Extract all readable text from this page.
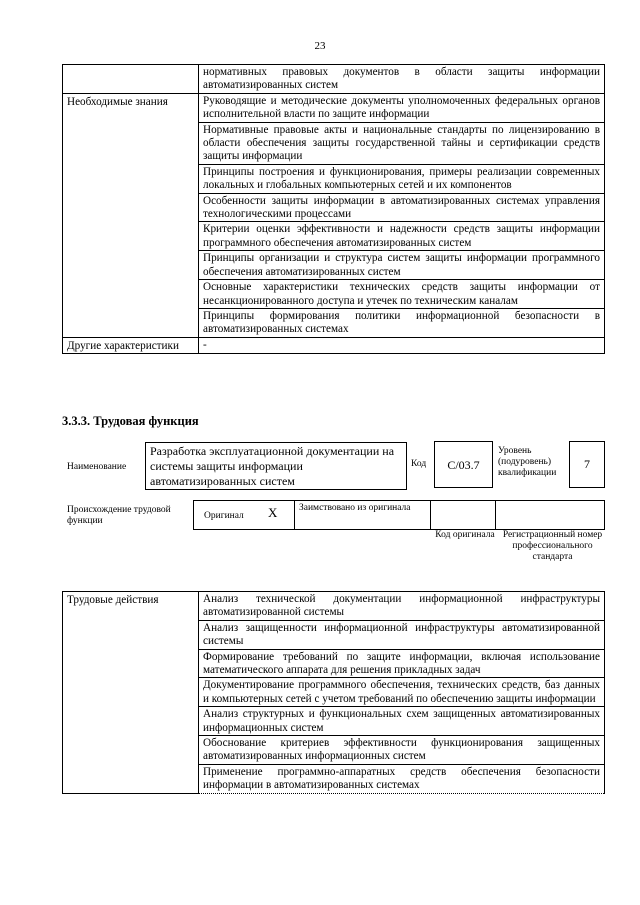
23
	нормативных правовых документов в области защиты информации автоматизированных систем
Необходимые знания	Руководящие и методические документы уполномоченных федеральных органов исполнительной власти по защите информации
	Нормативные правовые акты и национальные стандарты по лицензированию в области обеспечения защиты государственной тайны и сертификации средств защиты информации
	Принципы построения и функционирования, примеры реализации современных локальных и глобальных компьютерных сетей и их компонентов
	Особенности защиты информации в автоматизированных системах управления технологическими процессами
	Критерии оценки эффективности и надежности средств защиты информации программного обеспечения автоматизированных систем
	Принципы организации и структура систем защиты информации программного обеспечения автоматизированных систем
	Основные характеристики технических средств защиты информации от несанкционированного доступа и утечек по техническим каналам
	Принципы формирования политики информационной безопасности в автоматизированных системах
Другие характеристики	-
3.3.3. Трудовая функция
Наименование
Разработка эксплуатационной документации на системы защиты информации автоматизированных систем
Код	C/03.7
Уровень (подуровень) квалификации
7
Происхождение трудовой функции	Оригинал X	Заимствовано из оригинала
Код оригинала Регистрационный номер профессионального стандарта
Трудовые действия	Анализ технической документации информационной инфраструктуры автоматизированной системы
Анализ защищенности информационной инфраструктуры автоматизированной системы
Формирование требований по защите информации, включая использование математического аппарата для решения прикладных задач
Документирование программного обеспечения, технических средств, баз данных и компьютерных сетей с учетом требований по обеспечению защиты информации
Анализ структурных и функциональных схем защищенных автоматизированных информационных систем
Обоснование критериев эффективности функционирования защищенных автоматизированных информационных систем
Применение программно-аппаратных средств обеспечения безопасности информации в автоматизированных системах
